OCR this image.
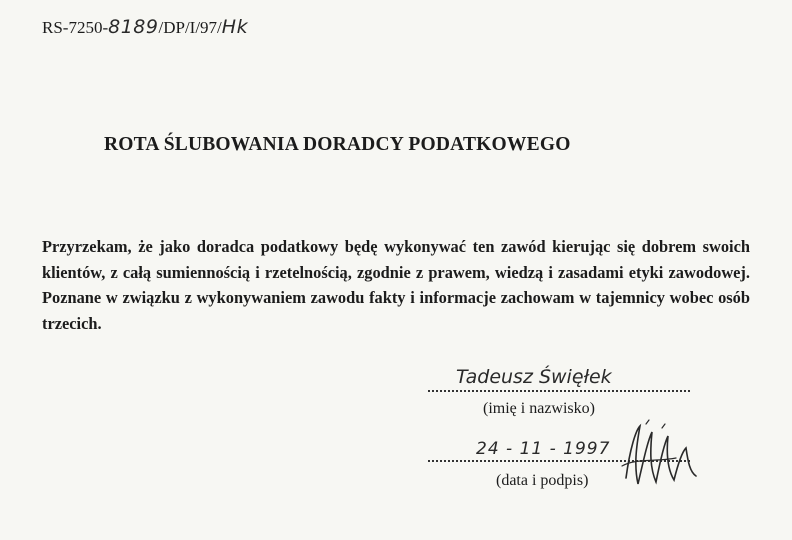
RS-7250-8189/DP/I/97/Hk
ROTA ŚLUBOWANIA DORADCY PODATKOWEGO
Przyrzekam, że jako doradca podatkowy będę wykonywać ten zawód kierując się dobrem swoich klientów, z całą sumiennością i rzetelnością, zgodnie z prawem, wiedzą i zasadami etyki zawodowej. Poznane w związku z wykonywaniem zawodu fakty i informacje zachowam w tajemnicy wobec osób trzecich.
Tadeusz Święłek
(imię i nazwisko)
24 - 11 - 1997
(data i podpis)
